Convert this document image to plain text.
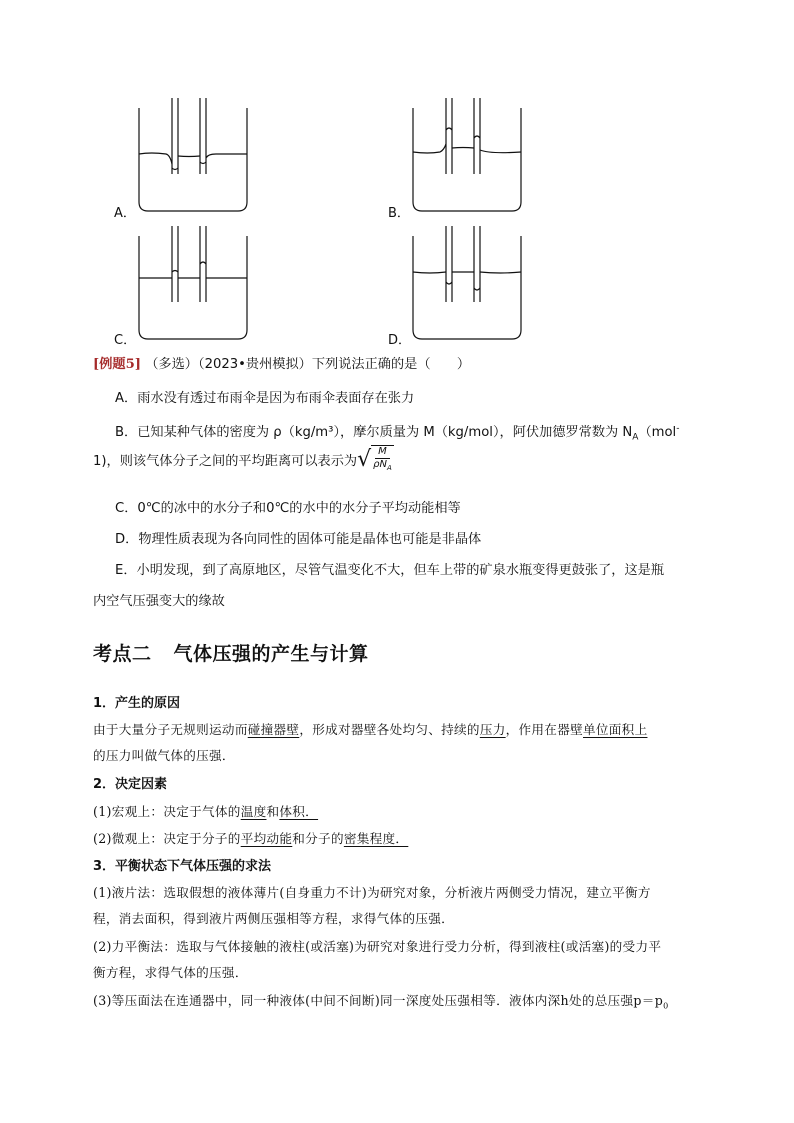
A．	B．
C．	D．
[例题5] （多选）（2023•贵州模拟）下列说法正确的是（　　）
A．雨水没有透过布雨伞是因为布雨伞表面存在张力
B．已知某种气体的密度为 ρ（kg/m³），摩尔质量为 M（kg/mol），阿伏加德罗常数为 $N_A(mol^-$
1)，则该气体分子之间的平均距离可以表示为 √ M
$\rho N_A$
C．0℃的冰中的水分子和0℃的水中的水分子平均动能相等
D．物理性质表现为各向同性的固体可能是晶体也可能是非晶体
E．小明发现，到了高原地区，尽管气温变化不大，但车上带的矿泉水瓶变得更鼓张了，这是瓶
内空气压强变大的缘故
考点二 气体压强的产生与计算
1．产生的原因
由于大量分子无规则运动而碰撞器壁，形成对器壁各处均匀、持续的压力，作用在器壁单位面积上
的压力叫做气体的压强．
2．决定因素
(1)宏观上：决定于气体的温度和体积．
(2)微观上：决定于分子的平均动能和分子的密集程度．
3．平衡状态下气体压强的求法
(1)液片法：选取假想的液体薄片(自身重力不计)为研究对象，分析液片两侧受力情况，建立平衡方
程，消去面积，得到液片两侧压强相等方程，求得气体的压强．
(2)力平衡法：选取与气体接触的液柱(或活塞)为研究对象进行受力分析，得到液柱(或活塞)的受力平
衡方程，求得气体的压强．
(3)等压面法在连通器中，同一种液体(中间不间断)同一深度处压强相等．液体内深h处的总压强$p=p_0$
